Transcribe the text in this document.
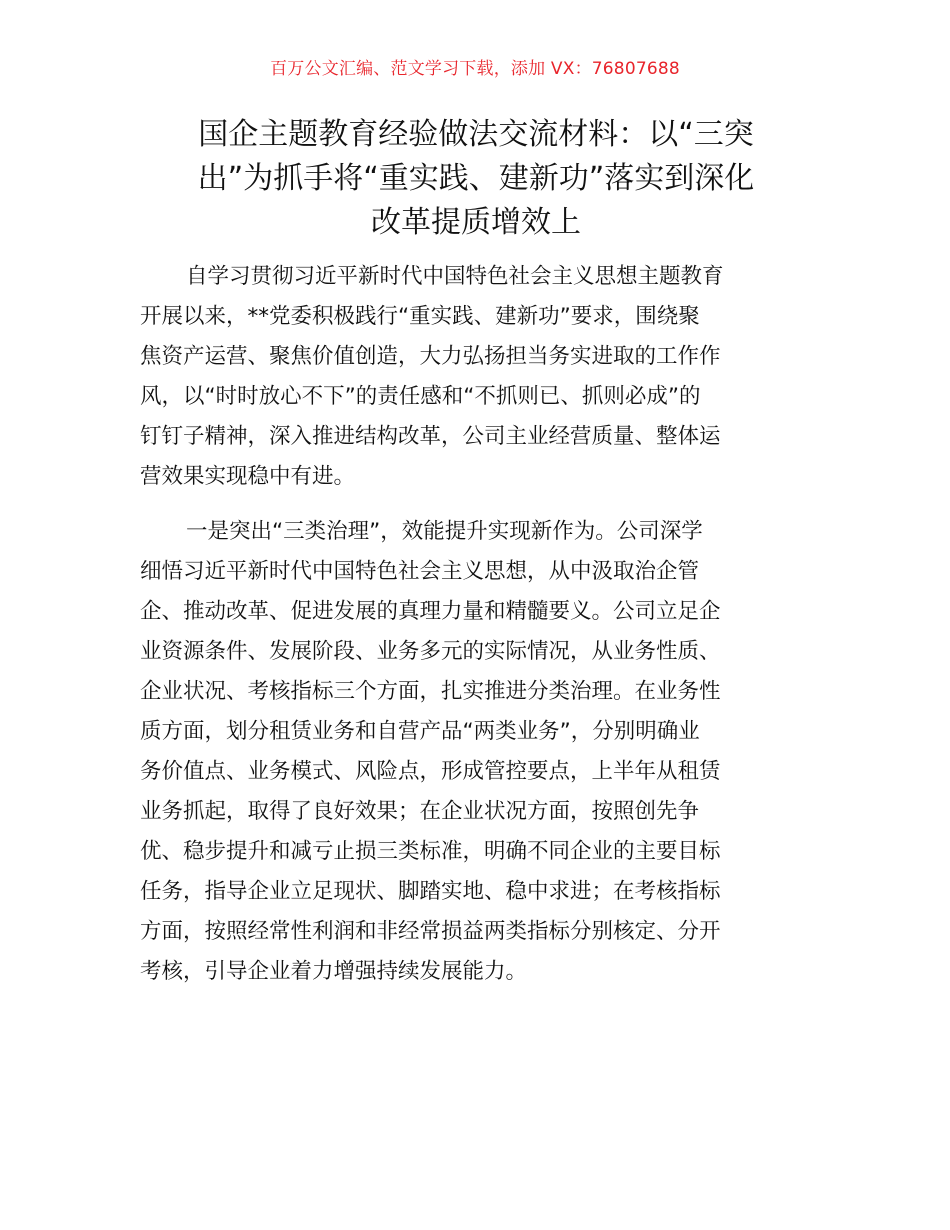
百万公文汇编、范文学习下载，添加 VX：76807688
国企主题教育经验做法交流材料：以“三突
出”为抓手将“重实践、建新功”落实到深化
改革提质增效上

自学习贯彻习近平新时代中国特色社会主义思想主题教育
开展以来，**党委积极践行“重实践、建新功”要求，围绕聚
焦资产运营、聚焦价值创造，大力弘扬担当务实进取的工作作
风，以“时时放心不下”的责任感和“不抓则已、抓则必成”的
钉钉子精神，深入推进结构改革，公司主业经营质量、整体运
营效果实现稳中有进。

一是突出“三类治理”，效能提升实现新作为。公司深学
细悟习近平新时代中国特色社会主义思想，从中汲取治企管
企、推动改革、促进发展的真理力量和精髓要义。公司立足企
业资源条件、发展阶段、业务多元的实际情况，从业务性质、
企业状况、考核指标三个方面，扎实推进分类治理。在业务性
质方面，划分租赁业务和自营产品“两类业务”，分别明确业
务价值点、业务模式、风险点，形成管控要点，上半年从租赁
业务抓起，取得了良好效果；在企业状况方面，按照创先争
优、稳步提升和减亏止损三类标准，明确不同企业的主要目标
任务，指导企业立足现状、脚踏实地、稳中求进；在考核指标
方面，按照经常性利润和非经常损益两类指标分别核定、分开
考核，引导企业着力增强持续发展能力。
